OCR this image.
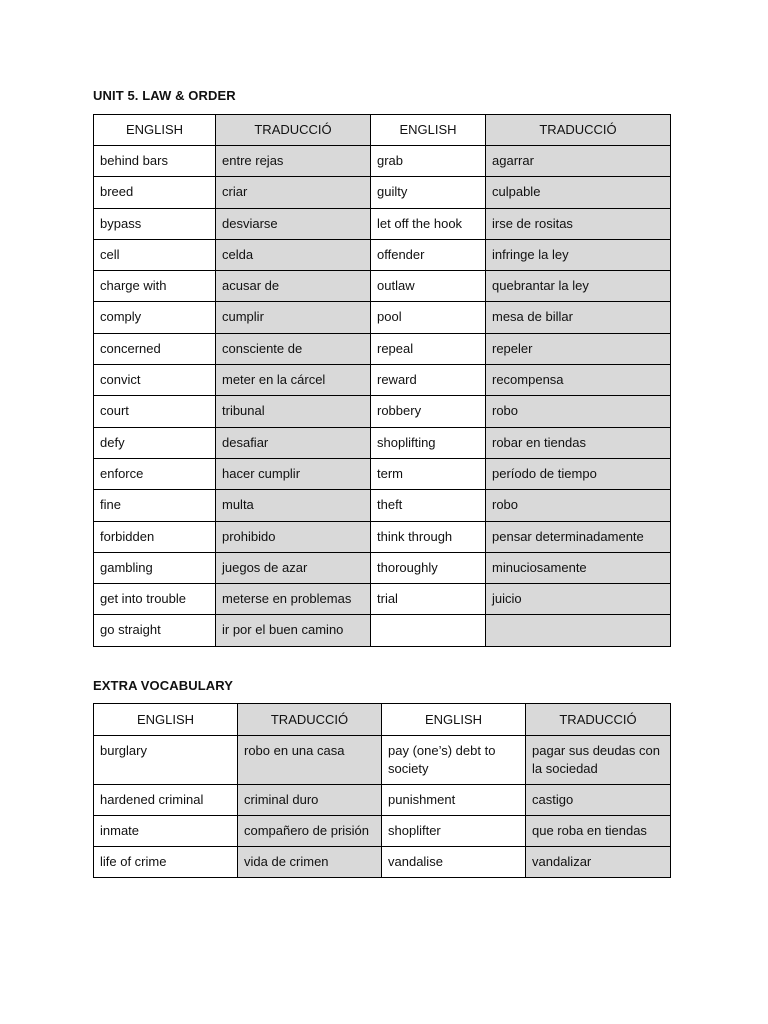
UNIT 5. LAW & ORDER
ENGLISH	TRADUCCIÓ	ENGLISH	TRADUCCIÓ
behind bars	entre rejas	grab	agarrar
breed	criar	guilty	culpable
bypass	desviarse	let off the hook	irse de rositas
cell	celda	offender	infringe la ley
charge with	acusar de	outlaw	quebrantar la ley
comply	cumplir	pool	mesa de billar
concerned	consciente de	repeal	repeler
convict	meter en la cárcel	reward	recompensa
court	tribunal	robbery	robo
defy	desafiar	shoplifting	robar en tiendas
enforce	hacer cumplir	term	período de tiempo
fine	multa	theft	robo
forbidden	prohibido	think through	pensar determinadamente
gambling	juegos de azar	thoroughly	minuciosamente
get into trouble	meterse en problemas	trial	juicio
go straight	ir por el buen camino		
EXTRA VOCABULARY
ENGLISH	TRADUCCIÓ	ENGLISH	TRADUCCIÓ
burglary	robo en una casa	pay (one’s) debt to society	pagar sus deudas con la sociedad
hardened criminal	criminal duro	punishment	castigo
inmate	compañero de prisión	shoplifter	que roba en tiendas
life of crime	vida de crimen	vandalise	vandalizar
